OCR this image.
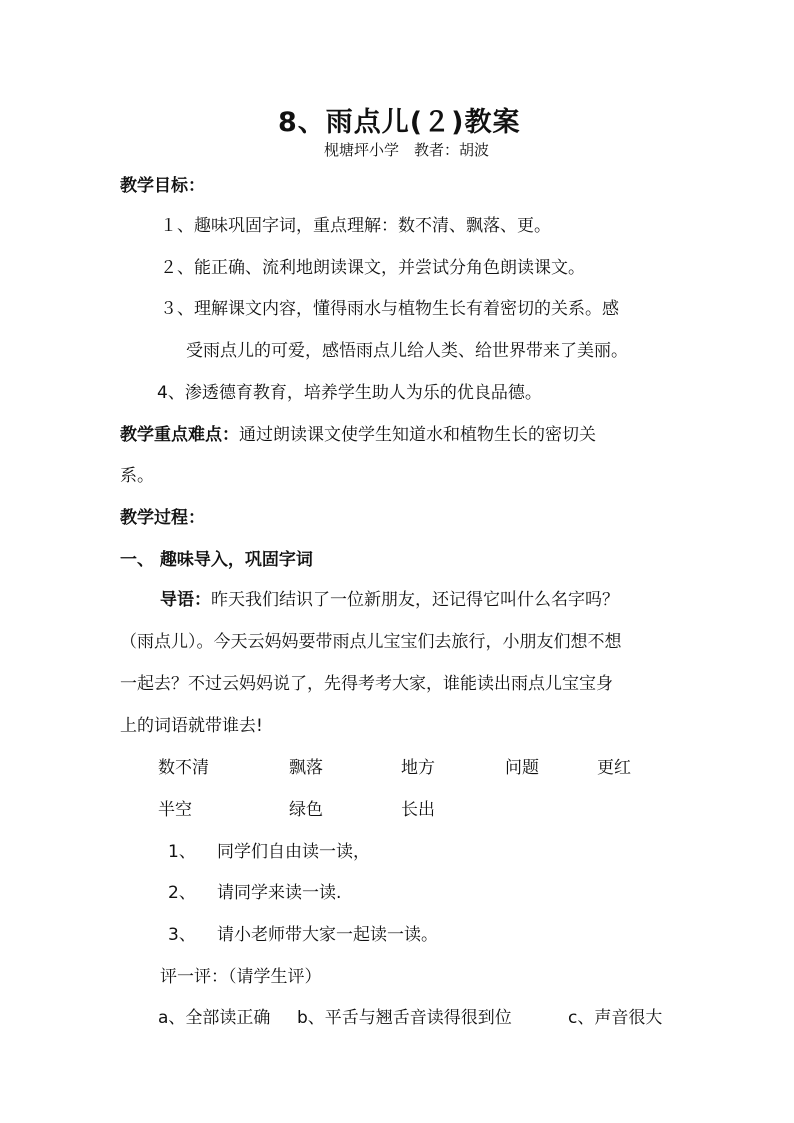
8、雨点儿(２)教案
枧塘坪小学　教者：胡波
教学目标：
１、趣味巩固字词，重点理解：数不清、飘落、更。
２、能正确、流利地朗读课文，并尝试分角色朗读课文。
３、理解课文内容，懂得雨水与植物生长有着密切的关系。感
受雨点儿的可爱，感悟雨点儿给人类、给世界带来了美丽。
4、渗透德育教育，培养学生助人为乐的优良品德。
教学重点难点：通过朗读课文使学生知道水和植物生长的密切关
系。
教学过程：
一、 趣味导入，巩固字词
导语：昨天我们结识了一位新朋友，还记得它叫什么名字吗？
（雨点儿）。今天云妈妈要带雨点儿宝宝们去旅行，小朋友们想不想
一起去？不过云妈妈说了，先得考考大家，谁能读出雨点儿宝宝身
上的词语就带谁去!
数不清	飘落	地方	问题	更红
半空	绿色	长出
1、 同学们自由读一读，
2、 请同学来读一读.
3、 请小老师带大家一起读一读。
评一评：（请学生评）
a、全部读正确 b、平舌与翘舌音读得很到位	c、声音很大
